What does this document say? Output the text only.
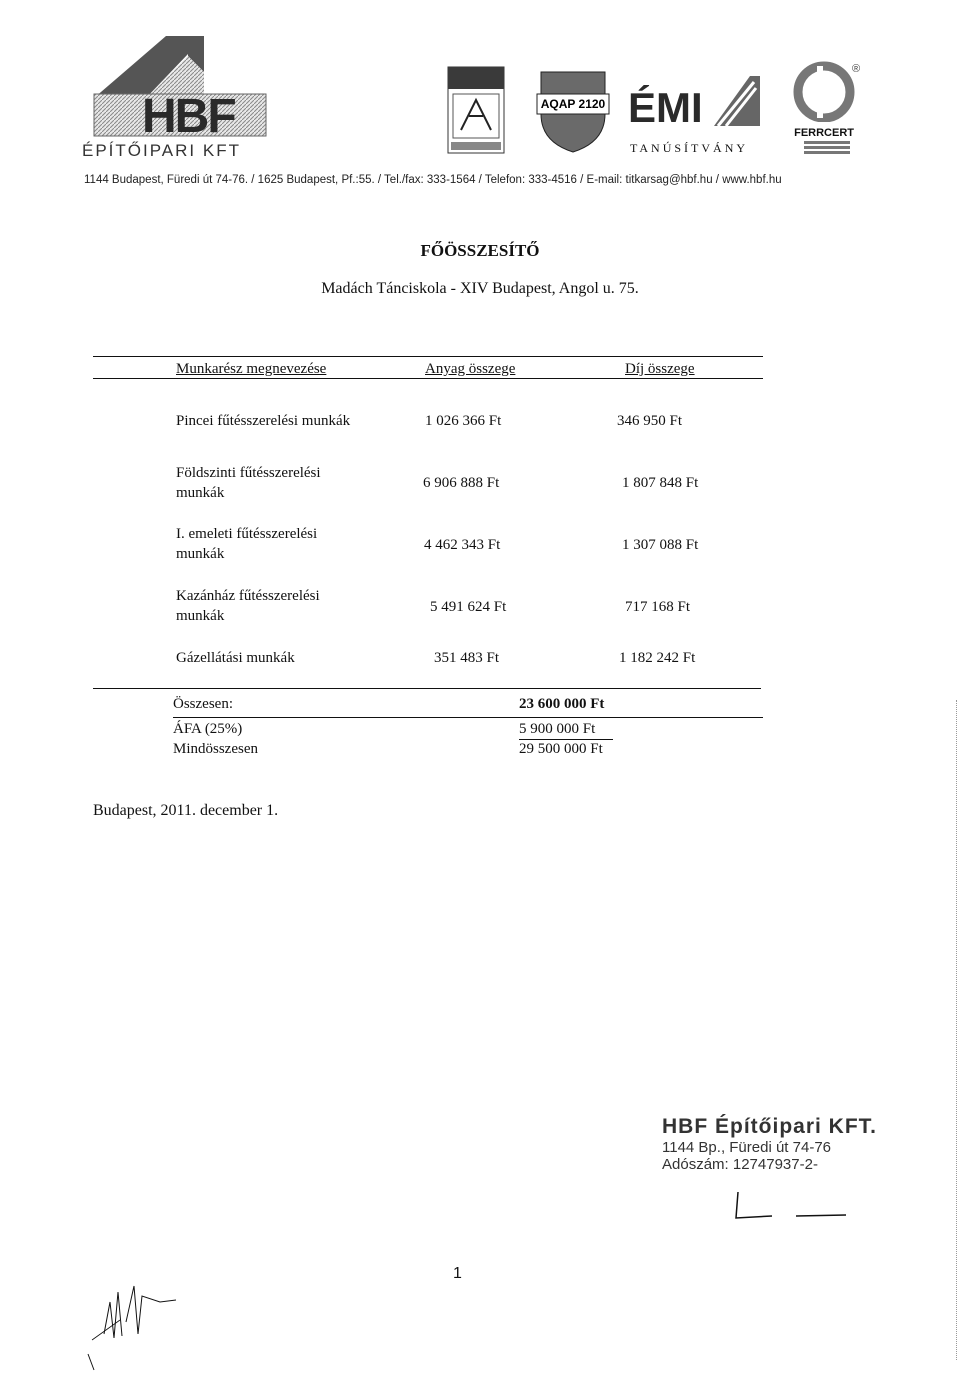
HBF
ÉPÍTŐIPARI KFT
AQAP 2120 ÉMI
TANÚSÍTVÁNY
®
FERRCERT
1144 Budapest, Füredi út 74-76. / 1625 Budapest, Pf.:55. / Tel./fax: 333-1564 / Telefon: 333-4516 / E-mail: titkarsag@hbf.hu / www.hbf.hu
FŐÖSSZESÍTŐ
Madách Tánciskola - XIV Budapest, Angol u. 75.
Munkarész megnevezése	Anyag összege	Díj összege
Pincei fűtésszerelési munkák	1 026 366 Ft	346 950 Ft
Földszinti fűtésszerelési
munkák
6 906 888 Ft	1 807 848 Ft
I. emeleti fűtésszerelési
munkák
4 462 343 Ft	1 307 088 Ft
Kazánház fűtésszerelési
munkák
5 491 624 Ft	717 168 Ft
Gázellátási munkák	351 483 Ft	1 182 242 Ft
Összesen:	23 600 000 Ft
ÁFA (25%)	5 900 000 Ft
Mindösszesen	29 500 000 Ft
Budapest, 2011. december 1.
HBF Építőipari KFT.
1144 Bp., Füredi út 74-76
Adószám: 12747937-2-
1
